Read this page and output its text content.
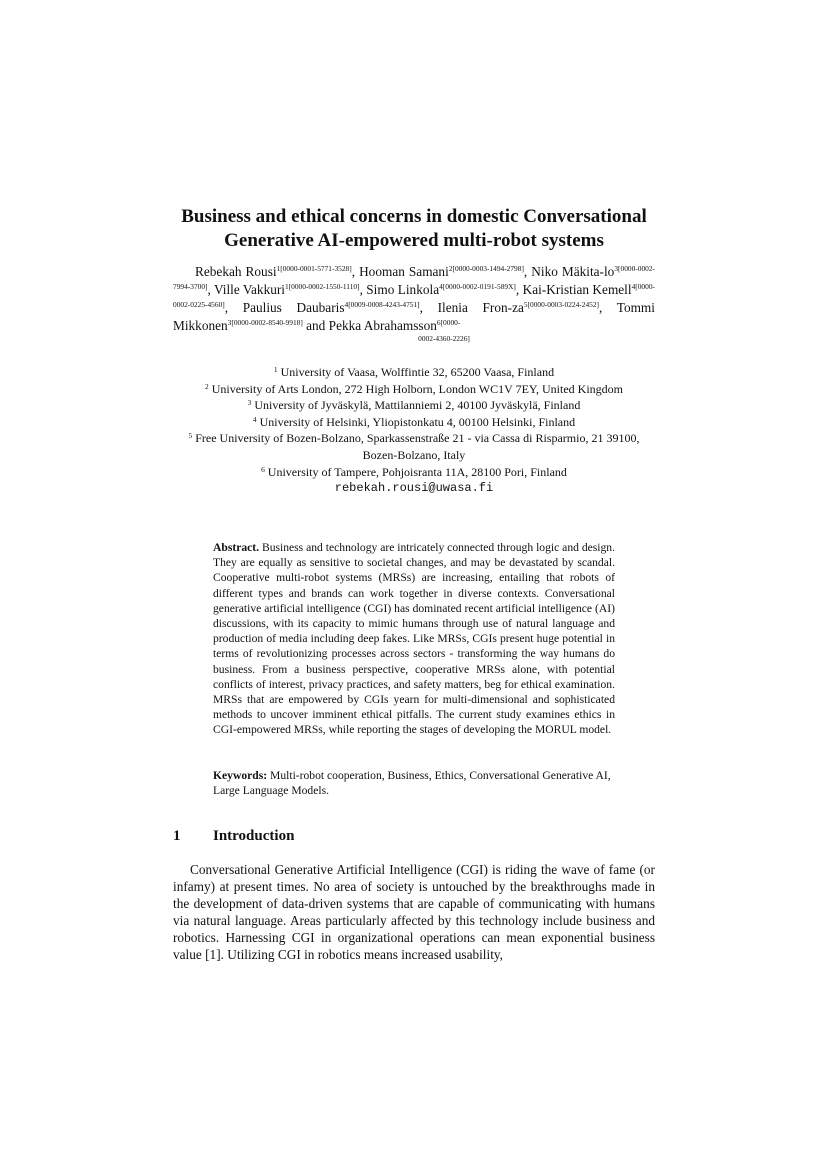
Business and ethical concerns in domestic Conversational
Generative AI-empowered multi-robot systems
Rebekah Rousi$^{1[0000-0001-5771-3528]}$, Hooman Samani$^{2[0000-0003-1494-2798]}$, Niko Mäkita-$lo^{3[0000-0002-7994-3700]}$, Ville Vakkuri$^{1[0000-0002-1550-1110]}$, Simo Linkola$^{4[0000-0002-0191-589X]}$, Kai-Kristian Kemell$^{4[0000-0002-0225-4560]}$, Paulius Daubaris$^{4[0009-0008-4243-4751]}$, Ilenia Fron-$za^{5[0000-0003-0224-2452]}$, Tommi Mikkonen$^{3[0000-0002-8540-9918]}$ and Pekka Abrahamsson$^{6[0000-}$
0002-4360-2226]
$^1$ University of Vaasa, Wolffintie 32, 65200 Vaasa, Finland
$^2$ University of Arts London, 272 High Holborn, London WC1V 7EY, United Kingdom
$^3$ University of Jyväskylä, Mattilanniemi 2, 40100 Jyväskylä, Finland
$^4$ University of Helsinki, Yliopistonkatu 4, 00100 Helsinki, Finland
$^5$ Free University of Bozen-Bolzano, Sparkassenstraße 21 - via Cassa di Risparmio, 21 39100, Bozen-Bolzano, Italy
$^6$ University of Tampere, Pohjoisranta 11A, 28100 Pori, Finland
rebekah.rousi@uwasa.fi
Abstract. Business and technology are intricately connected through logic and design. They are equally as sensitive to societal changes, and may be devastated by scandal. Cooperative multi-robot systems (MRSs) are increasing, entailing that robots of different types and brands can work together in diverse contexts. Conversational generative artificial intelligence (CGI) has dominated recent artificial intelligence (AI) discussions, with its capacity to mimic humans through use of natural language and production of media including deep fakes. Like MRSs, CGIs present huge potential in terms of revolutionizing processes across sectors - transforming the way humans do business. From a business perspective, cooperative MRSs alone, with potential conflicts of interest, privacy practices, and safety matters, beg for ethical examination. MRSs that are empowered by CGIs yearn for multi-dimensional and sophisticated methods to uncover imminent ethical pitfalls. The current study examines ethics in CGI-empowered MRSs, while reporting the stages of developing the MORUL model.
Keywords: Multi-robot cooperation, Business, Ethics, Conversational Generative AI, Large Language Models.
1 Introduction
Conversational Generative Artificial Intelligence (CGI) is riding the wave of fame (or infamy) at present times. No area of society is untouched by the breakthroughs made in the development of data-driven systems that are capable of communicating with humans via natural language. Areas particularly affected by this technology include business and robotics. Harnessing CGI in organizational operations can mean exponential business value [1]. Utilizing CGI in robotics means increased usability,
